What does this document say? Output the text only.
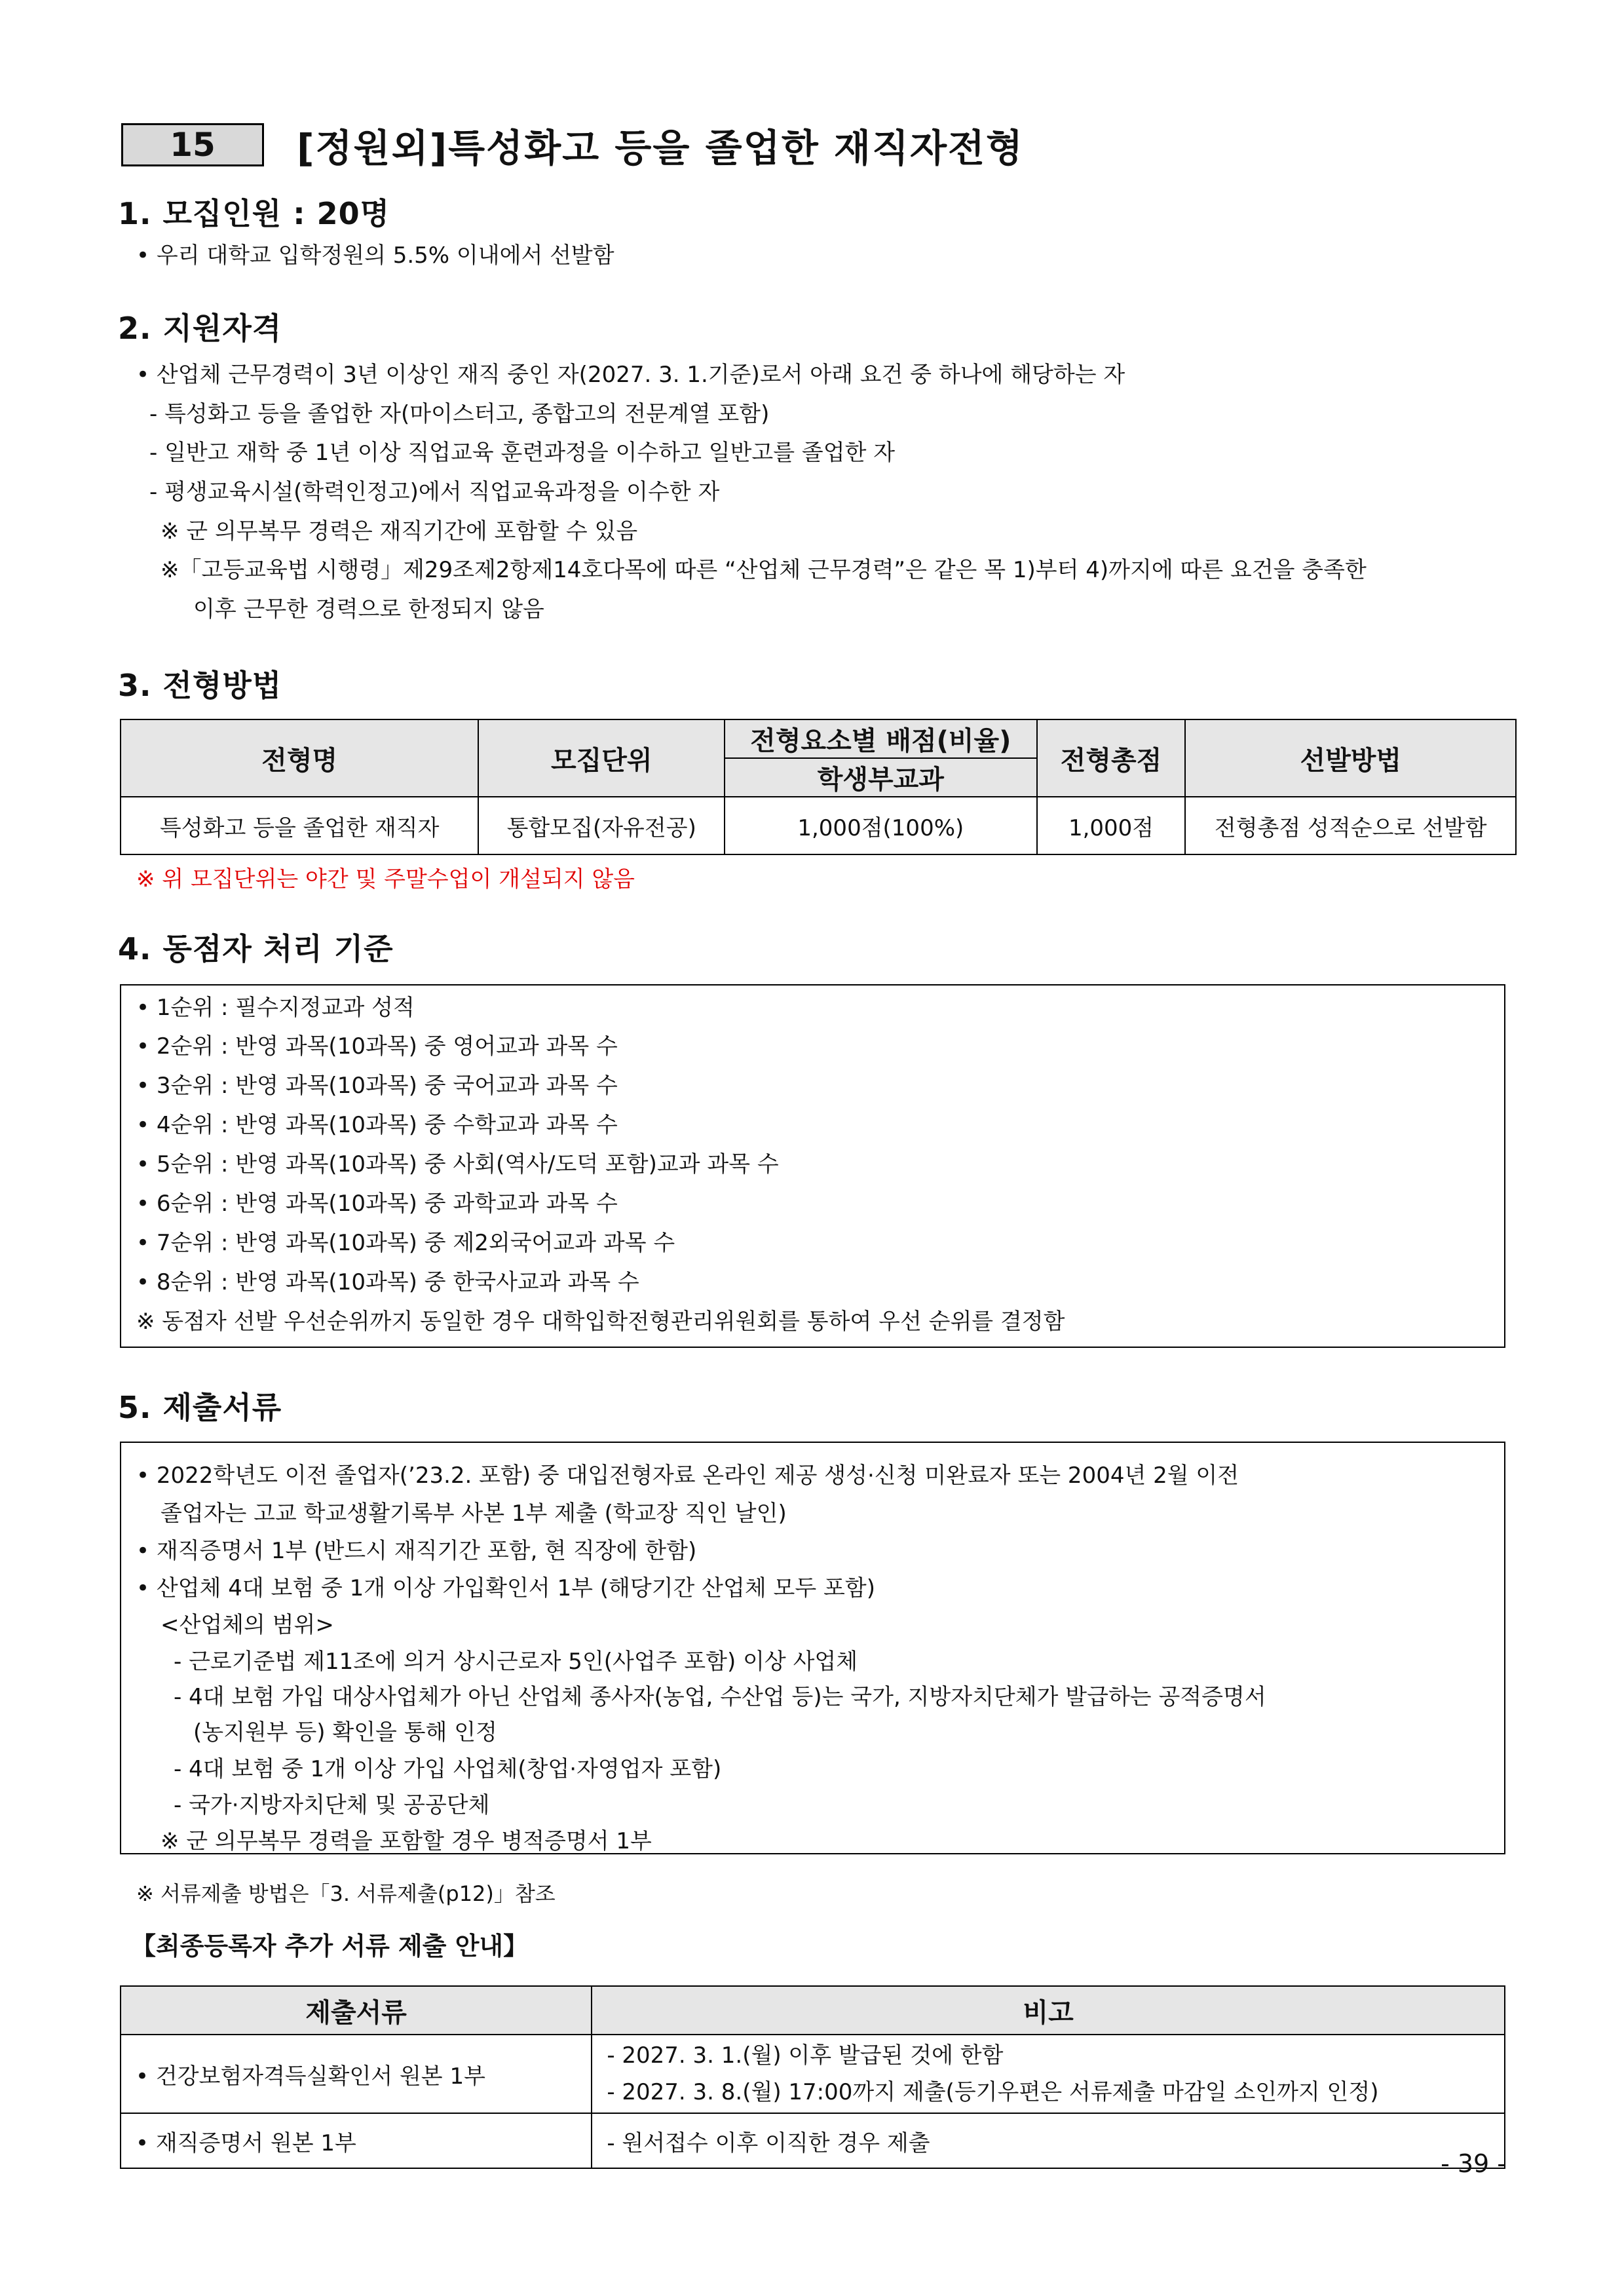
15	[정원외]특성화고 등을 졸업한 재직자전형
1. 모집인원 : 20명
• 우리 대학교 입학정원의 5.5% 이내에서 선발함
2. 지원자격
• 산업체 근무경력이 3년 이상인 재직 중인 자(2027. 3. 1.기준)로서 아래 요건 중 하나에 해당하는 자
- 특성화고 등을 졸업한 자(마이스터고, 종합고의 전문계열 포함)
- 일반고 재학 중 1년 이상 직업교육 훈련과정을 이수하고 일반고를 졸업한 자
- 평생교육시설(학력인정고)에서 직업교육과정을 이수한 자
※ 군 의무복무 경력은 재직기간에 포함할 수 있음
※「고등교육법 시행령」제29조제2항제14호다목에 따른 “산업체 근무경력”은 같은 목 1)부터 4)까지에 따른 요건을 충족한
이후 근무한 경력으로 한정되지 않음
3. 전형방법
전형명	모집단위	전형요소별 배점(비율)	전형총점	선발방법
		학생부교과		
특성화고 등을 졸업한 재직자	통합모집(자유전공)	1,000점(100%)	1,000점	전형총점 성적순으로 선발함
※ 위 모집단위는 야간 및 주말수업이 개설되지 않음
4. 동점자 처리 기준
• 1순위 : 필수지정교과 성적
• 2순위 : 반영 과목(10과목) 중 영어교과 과목 수
• 3순위 : 반영 과목(10과목) 중 국어교과 과목 수
• 4순위 : 반영 과목(10과목) 중 수학교과 과목 수
• 5순위 : 반영 과목(10과목) 중 사회(역사/도덕 포함)교과 과목 수
• 6순위 : 반영 과목(10과목) 중 과학교과 과목 수
• 7순위 : 반영 과목(10과목) 중 제2외국어교과 과목 수
• 8순위 : 반영 과목(10과목) 중 한국사교과 과목 수
※ 동점자 선발 우선순위까지 동일한 경우 대학입학전형관리위원회를 통하여 우선 순위를 결정함
5. 제출서류
• 2022학년도 이전 졸업자(’23.2. 포함) 중 대입전형자료 온라인 제공 생성·신청 미완료자 또는 2004년 2월 이전
졸업자는 고교 학교생활기록부 사본 1부 제출 (학교장 직인 날인)
• 재직증명서 1부 (반드시 재직기간 포함, 현 직장에 한함)
• 산업체 4대 보험 중 1개 이상 가입확인서 1부 (해당기간 산업체 모두 포함)
<산업체의 범위>
- 근로기준법 제11조에 의거 상시근로자 5인(사업주 포함) 이상 사업체
- 4대 보험 가입 대상사업체가 아닌 산업체 종사자(농업, 수산업 등)는 국가, 지방자치단체가 발급하는 공적증명서
(농지원부 등) 확인을 통해 인정
- 4대 보험 중 1개 이상 가입 사업체(창업·자영업자 포함)
- 국가·지방자치단체 및 공공단체
※ 군 의무복무 경력을 포함할 경우 병적증명서 1부
※ 서류제출 방법은「3. 서류제출(p12)」참조
【최종등록자 추가 서류 제출 안내】
제출서류	비고
• 건강보험자격득실확인서 원본 1부	- 2027. 3. 1.(월) 이후 발급된 것에 한함
- 2027. 3. 8.(월) 17:00까지 제출(등기우편은 서류제출 마감일 소인까지 인정)

• 재직증명서 원본 1부	- 원서접수 이후 이직한 경우 제출
- 39 -
